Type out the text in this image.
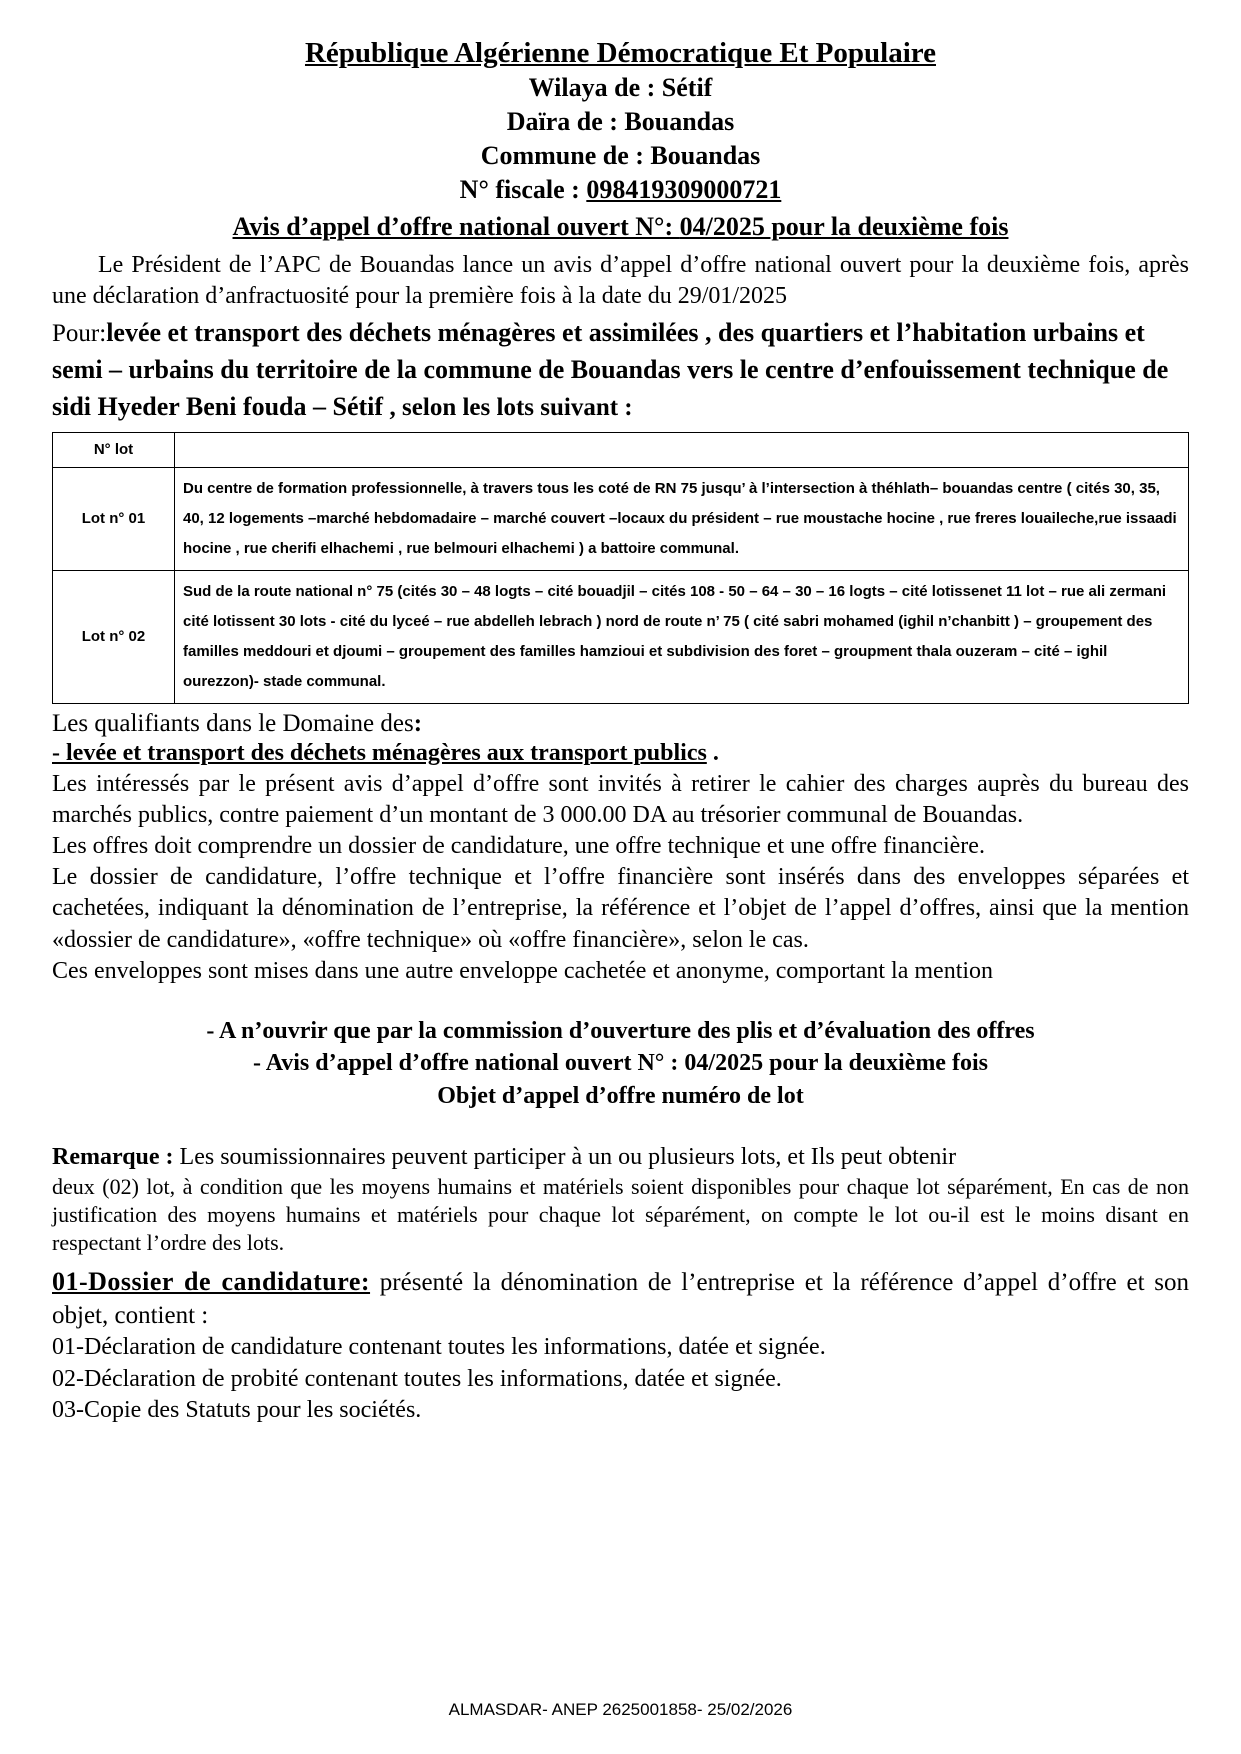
République Algérienne Démocratique Et Populaire
Wilaya de : Sétif
Daïra de : Bouandas
Commune de : Bouandas
N° fiscale : 098419309000721
Avis d’appel d’offre national ouvert N°: 04/2025 pour la deuxième fois
Le Président de l’APC de Bouandas lance un avis d’appel d’offre national ouvert pour la deuxième fois, après une déclaration d’anfractuosité pour la première fois à la date du 29/01/2025
Pour:levée et transport des déchets ménagères et assimilées , des quartiers et l’habitation urbains et semi – urbains du territoire de la commune de Bouandas vers le centre d’enfouissement technique de sidi Hyeder Beni fouda – Sétif , selon les lots suivant :
N° lot	
Lot n° 01	Du centre de formation professionnelle, à travers tous les coté de RN 75 jusqu’ à l’intersection à théhlath– bouandas centre ( cités 30, 35, 40, 12 logements –marché hebdomadaire – marché couvert –locaux du président – rue moustache hocine , rue freres louaileche,rue issaadi hocine , rue cherifi elhachemi , rue belmouri elhachemi ) a battoire communal.
Lot n° 02	Sud de la route national n° 75 (cités 30 – 48 logts – cité bouadjil – cités 108 - 50 – 64 – 30 – 16 logts – cité lotissenet 11 lot – rue ali zermani cité lotissent 30 lots - cité du lyceé – rue abdelleh lebrach ) nord de route n’ 75 ( cité sabri mohamed (ighil n’chanbitt ) – groupement des familles meddouri et djoumi – groupement des familles hamzioui et subdivision des foret – groupment thala ouzeram – cité – ighil ourezzon)- stade communal.
Les qualifiants dans le Domaine des:
- levée et transport des déchets ménagères aux transport publics .
Les intéressés par le présent avis d’appel d’offre sont invités à retirer le cahier des charges auprès du bureau des marchés publics, contre paiement d’un montant de 3 000.00 DA au trésorier communal de Bouandas.
Les offres doit comprendre un dossier de candidature, une offre technique et une offre financière.
Le dossier de candidature, l’offre technique et l’offre financière sont insérés dans des enveloppes séparées et cachetées, indiquant la dénomination de l’entreprise, la référence et l’objet de l’appel d’offres, ainsi que la mention «dossier de candidature», «offre technique» où «offre financière», selon le cas.
Ces enveloppes sont mises dans une autre enveloppe cachetée et anonyme, comportant la mention
- A n’ouvrir que par la commission d’ouverture des plis et d’évaluation des offres
- Avis d’appel d’offre national ouvert N° : 04/2025 pour la deuxième fois
Objet d’appel d’offre numéro de lot
Remarque : Les soumissionnaires peuvent participer à un ou plusieurs lots, et Ils peut obtenir
deux (02) lot, à condition que les moyens humains et matériels soient disponibles pour chaque lot séparément, En cas de non justification des moyens humains et matériels pour chaque lot séparément, on compte le lot ou-il est le moins disant en respectant l’ordre des lots.
01-Dossier de candidature: présenté la dénomination de l’entreprise et la référence d’appel d’offre et son objet, contient :
01-Déclaration de candidature contenant toutes les informations, datée et signée.
02-Déclaration de probité contenant toutes les informations, datée et signée.
03-Copie des Statuts pour les sociétés.
ALMASDAR- ANEP 2625001858- 25/02/2026
